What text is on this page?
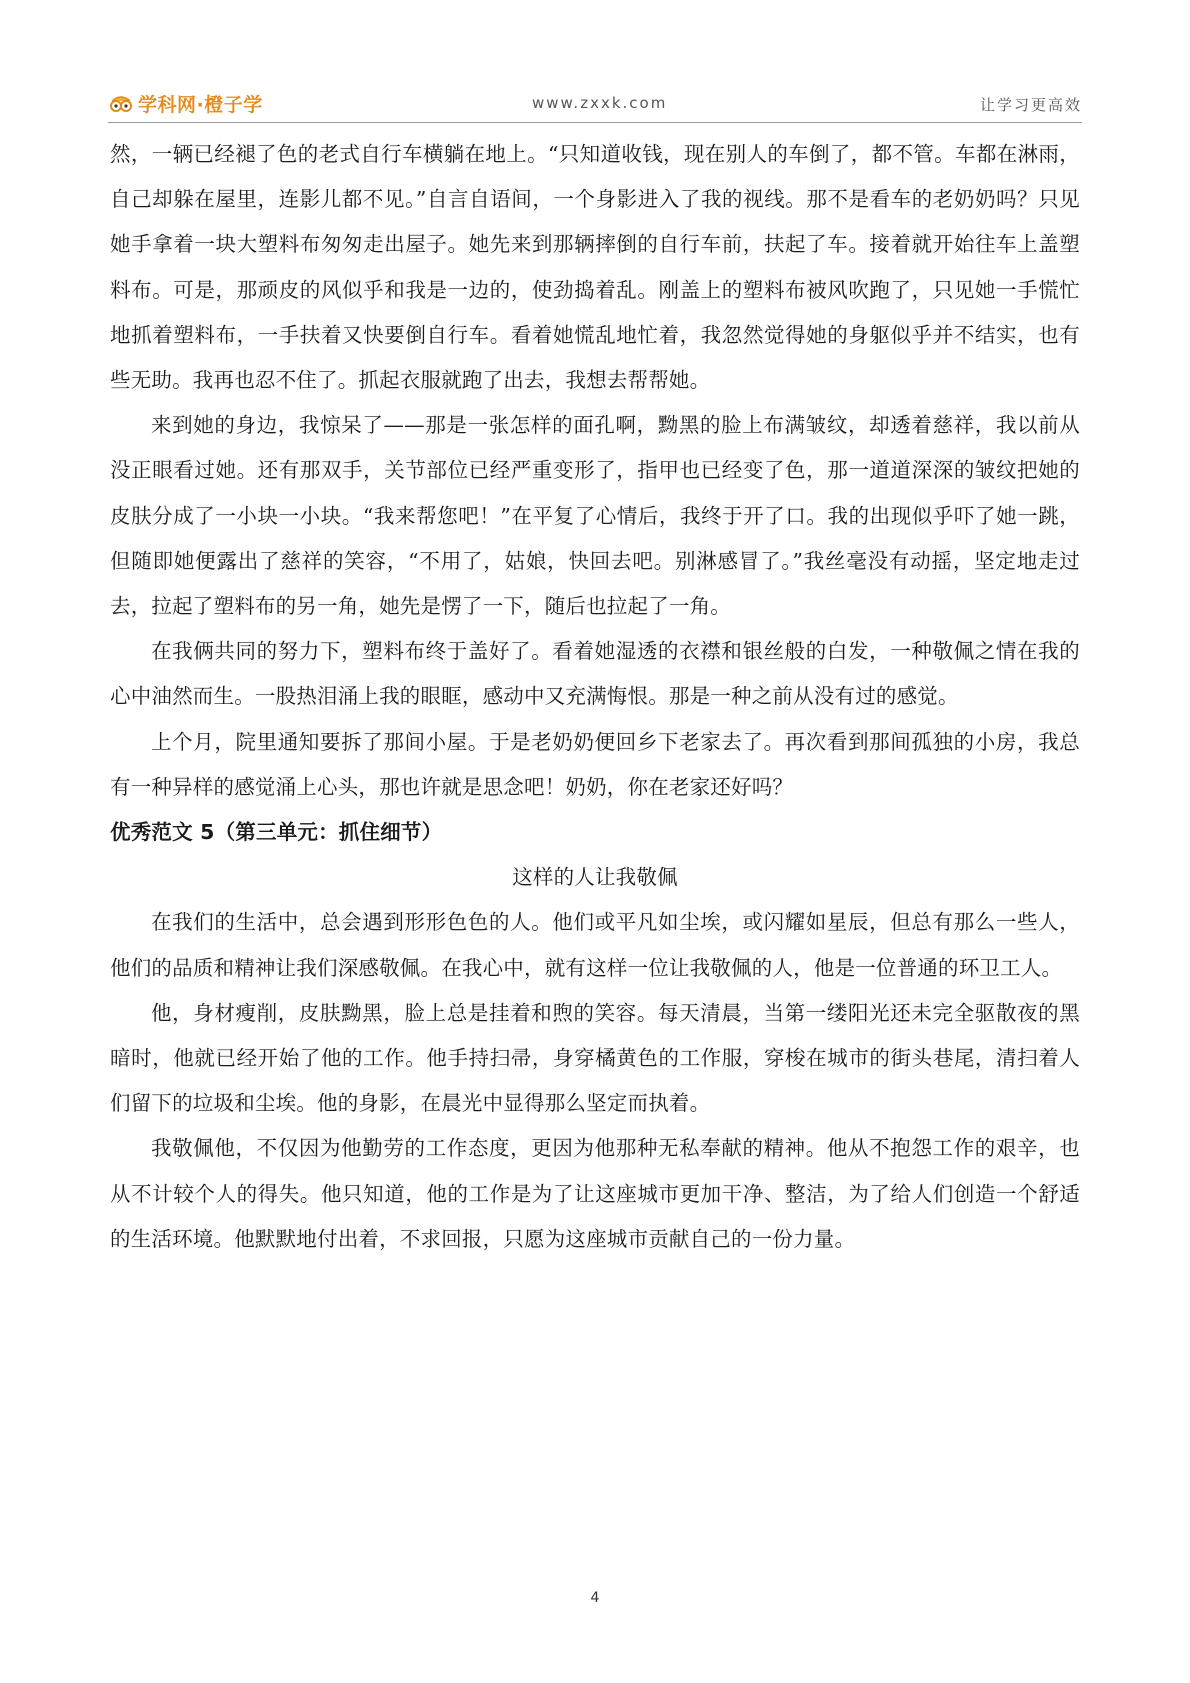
学科网·橙子学	www.zxxk.com	让学习更高效

然，一辆已经褪了色的老式自行车横躺在地上。“只知道收钱，现在别人的车倒了，都不管。车都在淋雨，自己却躲在屋里，连影儿都不见。”自言自语间，一个身影进入了我的视线。那不是看车的老奶奶吗？只见她手拿着一块大塑料布匆匆走出屋子。她先来到那辆摔倒的自行车前，扶起了车。接着就开始往车上盖塑料布。可是，那顽皮的风似乎和我是一边的，使劲捣着乱。刚盖上的塑料布被风吹跑了，只见她一手慌忙地抓着塑料布，一手扶着又快要倒自行车。看着她慌乱地忙着，我忽然觉得她的身躯似乎并不结实，也有些无助。我再也忍不住了。抓起衣服就跑了出去，我想去帮帮她。

来到她的身边，我惊呆了——那是一张怎样的面孔啊，黝黑的脸上布满皱纹，却透着慈祥，我以前从没正眼看过她。还有那双手，关节部位已经严重变形了，指甲也已经变了色，那一道道深深的皱纹把她的皮肤分成了一小块一小块。“我来帮您吧！”在平复了心情后，我终于开了口。我的出现似乎吓了她一跳，但随即她便露出了慈祥的笑容，“不用了，姑娘，快回去吧。别淋感冒了。”我丝毫没有动摇，坚定地走过去，拉起了塑料布的另一角，她先是愣了一下，随后也拉起了一角。

在我俩共同的努力下，塑料布终于盖好了。看着她湿透的衣襟和银丝般的白发，一种敬佩之情在我的心中油然而生。一股热泪涌上我的眼眶，感动中又充满悔恨。那是一种之前从没有过的感觉。

上个月，院里通知要拆了那间小屋。于是老奶奶便回乡下老家去了。再次看到那间孤独的小房，我总有一种异样的感觉涌上心头，那也许就是思念吧！奶奶，你在老家还好吗？

优秀范文 5（第三单元：抓住细节）

这样的人让我敬佩

在我们的生活中，总会遇到形形色色的人。他们或平凡如尘埃，或闪耀如星辰，但总有那么一些人，他们的品质和精神让我们深感敬佩。在我心中，就有这样一位让我敬佩的人，他是一位普通的环卫工人。

他，身材瘦削，皮肤黝黑，脸上总是挂着和煦的笑容。每天清晨，当第一缕阳光还未完全驱散夜的黑暗时，他就已经开始了他的工作。他手持扫帚，身穿橘黄色的工作服，穿梭在城市的街头巷尾，清扫着人们留下的垃圾和尘埃。他的身影，在晨光中显得那么坚定而执着。

我敬佩他，不仅因为他勤劳的工作态度，更因为他那种无私奉献的精神。他从不抱怨工作的艰辛，也从不计较个人的得失。他只知道，他的工作是为了让这座城市更加干净、整洁，为了给人们创造一个舒适的生活环境。他默默地付出着，不求回报，只愿为这座城市贡献自己的一份力量。

4
